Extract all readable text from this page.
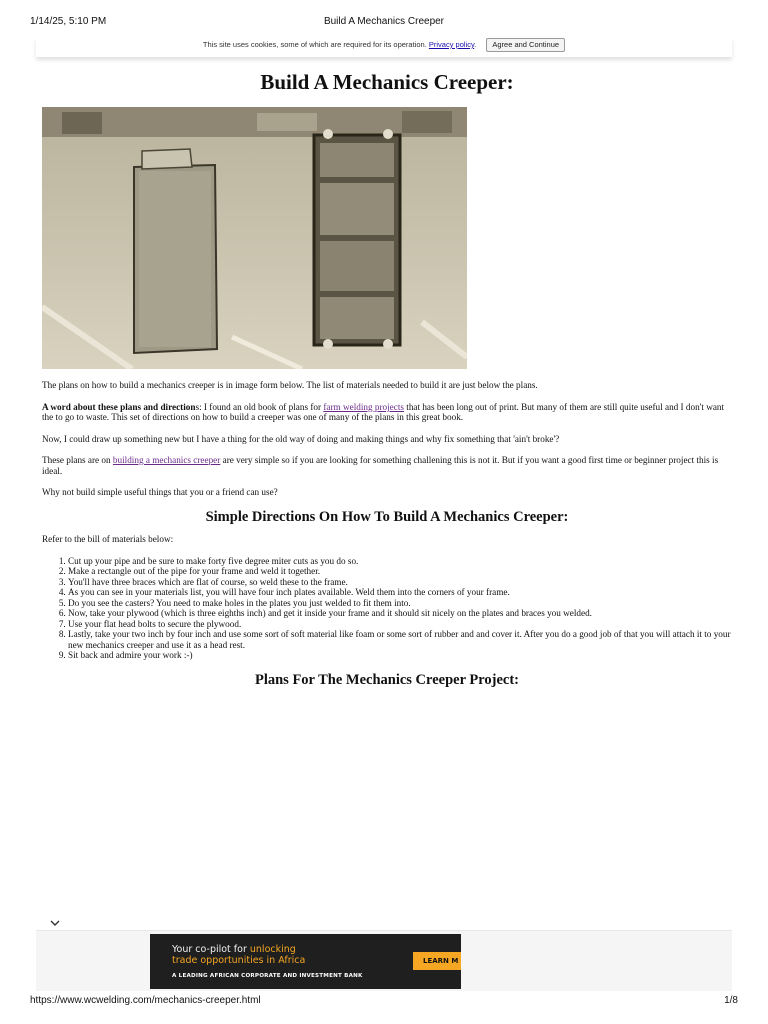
1/14/25, 5:10 PM	Build A Mechanics Creeper
This site uses cookies, some of which are required for its operation. Privacy policy. Agree and Continue
Build A Mechanics Creeper:

The plans on how to build a mechanics creeper is in image form below. The list of materials needed to build it are just below the plans.

A word about these plans and directions: I found an old book of plans for farm welding projects that has been long out of print. But many of them are still quite useful and I don't want the to go to waste. This set of directions on how to build a creeper was one of many of the plans in this great book.

Now, I could draw up something new but I have a thing for the old way of doing and making things and why fix something that 'ain't broke'?

These plans are on building a mechanics creeper are very simple so if you are looking for something challening this is not it. But if you want a good first time or beginner project this is ideal.

Why not build simple useful things that you or a friend can use?

Simple Directions On How To Build A Mechanics Creeper:

Refer to the bill of materials below:

1. Cut up your pipe and be sure to make forty five degree miter cuts as you do so.
2. Make a rectangle out of the pipe for your frame and weld it together.
3. You'll have three braces which are flat of course, so weld these to the frame.
4. As you can see in your materials list, you will have four inch plates available. Weld them into the corners of your frame.
5. Do you see the casters? You need to make holes in the plates you just welded to fit them into.
6. Now, take your plywood (which is three eighths inch) and get it inside your frame and it should sit nicely on the plates and braces you welded.
7. Use your flat head bolts to secure the plywood.
8. Lastly, take your two inch by four inch and use some sort of soft material like foam or some sort of rubber and and cover it. After you do a good job of that you will attach it to your new mechanics creeper and use it as a head rest.
9. Sit back and admire your work :-)
Plans For The Mechanics Creeper Project:
Your co-pilot for unlocking
trade opportunities in Africa
A LEADING AFRICAN CORPORATE AND INVESTMENT BANK
LEARN M
https://www.wcwelding.com/mechanics-creeper.html	1/8
